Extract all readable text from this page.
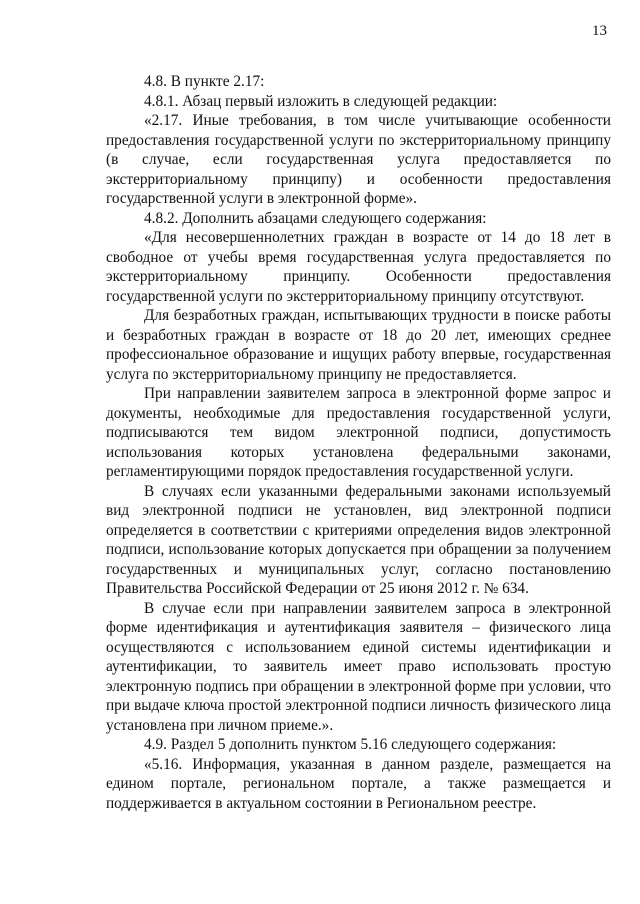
13

4.8. В пункте 2.17:

4.8.1. Абзац первый изложить в следующей редакции:

«2.17. Иные требования, в том числе учитывающие особенности предоставления государственной услуги по экстерриториальному принципу (в случае, если государственная услуга предоставляется по экстерриториальному принципу) и особенности предоставления государственной услуги в электронной форме».

4.8.2. Дополнить абзацами следующего содержания:

«Для несовершеннолетних граждан в возрасте от 14 до 18 лет в свободное от учебы время государственная услуга предоставляется по экстерриториальному принципу. Особенности предоставления государственной услуги по экстерриториальному принципу отсутствуют.

Для безработных граждан, испытывающих трудности в поиске работы и безработных граждан в возрасте от 18 до 20 лет, имеющих среднее профессиональное образование и ищущих работу впервые, государственная услуга по экстерриториальному принципу не предоставляется.

При направлении заявителем запроса в электронной форме запрос и документы, необходимые для предоставления государственной услуги, подписываются тем видом электронной подписи, допустимость использования которых установлена федеральными законами, регламентирующими порядок предоставления государственной услуги.

В случаях если указанными федеральными законами используемый вид электронной подписи не установлен, вид электронной подписи определяется в соответствии с критериями определения видов электронной подписи, использование которых допускается при обращении за получением государственных и муниципальных услуг, согласно постановлению Правительства Российской Федерации от 25 июня 2012 г. № 634.

В случае если при направлении заявителем запроса в электронной форме идентификация и аутентификация заявителя – физического лица осуществляются с использованием единой системы идентификации и аутентификации, то заявитель имеет право использовать простую электронную подпись при обращении в электронной форме при условии, что при выдаче ключа простой электронной подписи личность физического лица установлена при личном приеме.».

4.9. Раздел 5 дополнить пунктом 5.16 следующего содержания:

«5.16. Информация, указанная в данном разделе, размещается на едином портале, региональном портале, а также размещается и поддерживается в актуальном состоянии в Региональном реестре.
